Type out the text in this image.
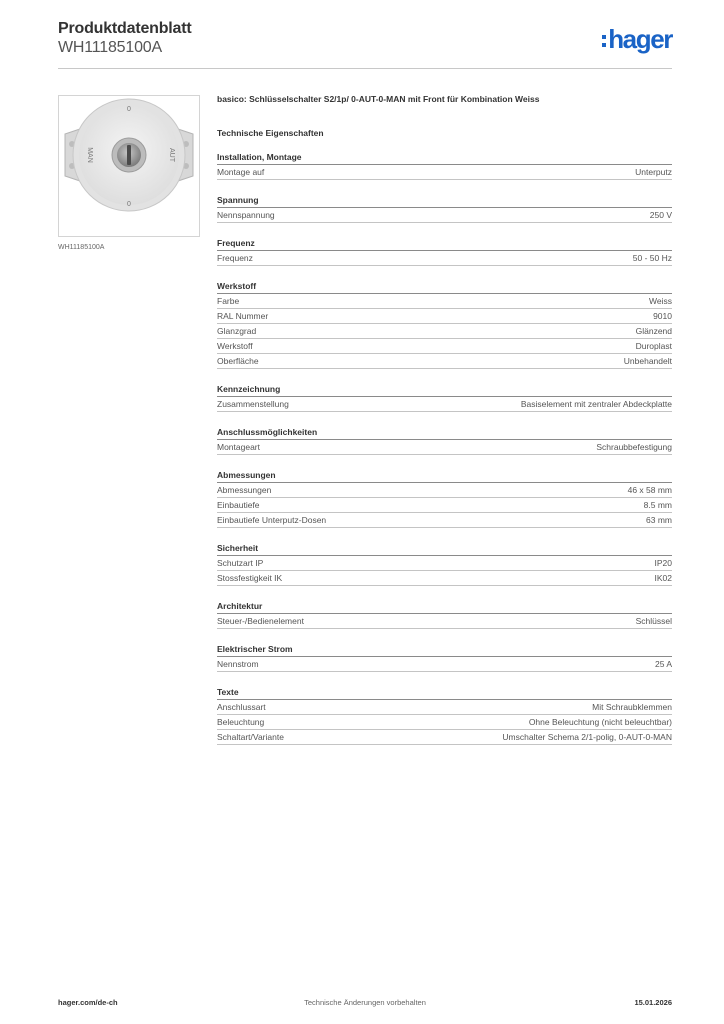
Produktdatenblatt
WH11185100A	hager
0
0
MAN	AUT
WH11185100A
basico: Schlüsselschalter S2/1p/ 0-AUT-0-MAN mit Front für Kombination Weiss
Technische Eigenschaften
Installation, Montage
Montage auf	Unterputz
Spannung
Nennspannung	250 V
Frequenz
Frequenz	50 - 50 Hz
Werkstoff
Farbe	Weiss
RAL Nummer	9010
Glanzgrad	Glänzend
Werkstoff	Duroplast
Oberfläche	Unbehandelt
Kennzeichnung
Zusammenstellung	Basiselement mit zentraler Abdeckplatte
Anschlussmöglichkeiten
Montageart	Schraubbefestigung
Abmessungen
Abmessungen	46 x 58 mm
Einbautiefe	8.5 mm
Einbautiefe Unterputz-Dosen	63 mm
Sicherheit
Schutzart IP	IP20
Stossfestigkeit IK	IK02
Architektur
Steuer-/Bedienelement	Schlüssel
Elektrischer Strom
Nennstrom	25 A
Texte
Anschlussart	Mit Schraubklemmen
Beleuchtung	Ohne Beleuchtung (nicht beleuchtbar)
Schaltart/Variante	Umschalter Schema 2/1-polig, 0-AUT-0-MAN
hager.com/de-ch	Technische Änderungen vorbehalten	15.01.2026
